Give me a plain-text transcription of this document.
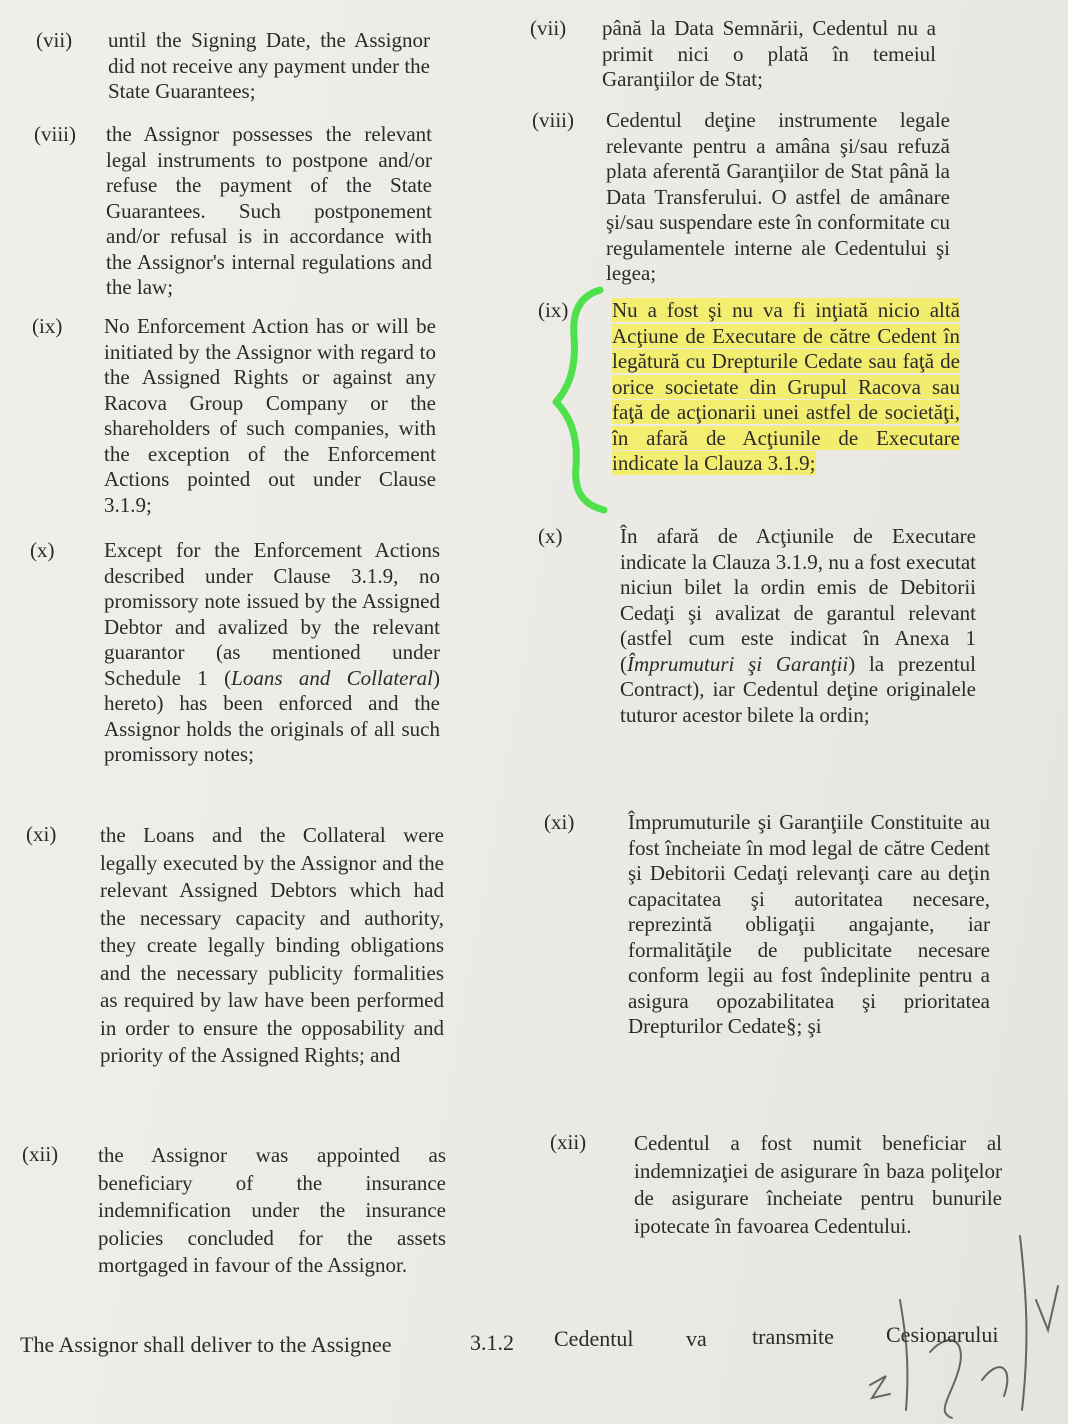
(vii) until the Signing Date, the Assignor did not receive any payment under the State Guarantees;
(viii) the Assignor possesses the relevant legal instruments to postpone and/or refuse the payment of the State Guarantees. Such postponement and/or refusal is in accordance with the Assignor's internal regulations and the law;
(ix) No Enforcement Action has or will be initiated by the Assignor with regard to the Assigned Rights or against any Racova Group Company or the shareholders of such companies, with the exception of the Enforcement Actions pointed out under Clause 3.1.9;
(x) Except for the Enforcement Actions described under Clause 3.1.9, no promissory note issued by the Assigned Debtor and avalized by the relevant guarantor (as mentioned under Schedule 1 (Loans and Collateral) hereto) has been enforced and the Assignor holds the originals of all such promissory notes;
(xi) the Loans and the Collateral were legally executed by the Assignor and the relevant Assigned Debtors which had the necessary capacity and authority, they create legally binding obligations and the necessary publicity formalities as required by law have been performed in order to ensure the opposability and priority of the Assigned Rights; and
(xii) the Assignor was appointed as beneficiary of the insurance indemnification under the insurance policies concluded for the assets mortgaged in favour of the Assignor.
(vii) până la Data Semnării, Cedentul nu a primit nici o plată în temeiul Garanţiilor de Stat;
(viii) Cedentul deţine instrumente legale relevante pentru a amâna şi/sau refuză plata aferentă Garanţiilor de Stat până la Data Transferului. O astfel de amânare şi/sau suspendare este în conformitate cu regulamentele interne ale Cedentului şi legea;
(ix) Nu a fost şi nu va fi inţiată nicio altă Acţiune de Executare de către Cedent în legătură cu Drepturile Cedate sau faţă de orice societate din Grupul Racova sau faţă de acţionarii unei astfel de societăţi, în afară de Acţiunile de Executare indicate la Clauza 3.1.9;
(x)	În afară de Acţiunile de Executare indicate la Clauza 3.1.9, nu a fost executat niciun bilet la ordin emis de Debitorii Cedaţi şi avalizat de garantul relevant (astfel cum este indicat în Anexa 1 (Împrumuturi şi Garanţii) la prezentul Contract), iar Cedentul deţine originalele tuturor acestor bilete la ordin;
(xi)	Împrumuturile şi Garanţiile Constituite au fost încheiate în mod legal de către Cedent şi Debitorii Cedaţi relevanţi care au deţin capacitatea şi autoritatea necesare, reprezintă obligaţii angajante, iar formalităţile de publicitate necesare conform legii au fost îndeplinite pentru a asigura opozabilitatea şi prioritatea Drepturilor Cedate§; şi
(xii) Cedentul a fost numit beneficiar al indemnizaţiei de asigurare în baza poliţelor de asigurare încheiate pentru bunurile ipotecate în favoarea Cedentului.
The Assignor shall deliver to the Assignee	3.1.2 Cedentul va transmite Cesionarului
